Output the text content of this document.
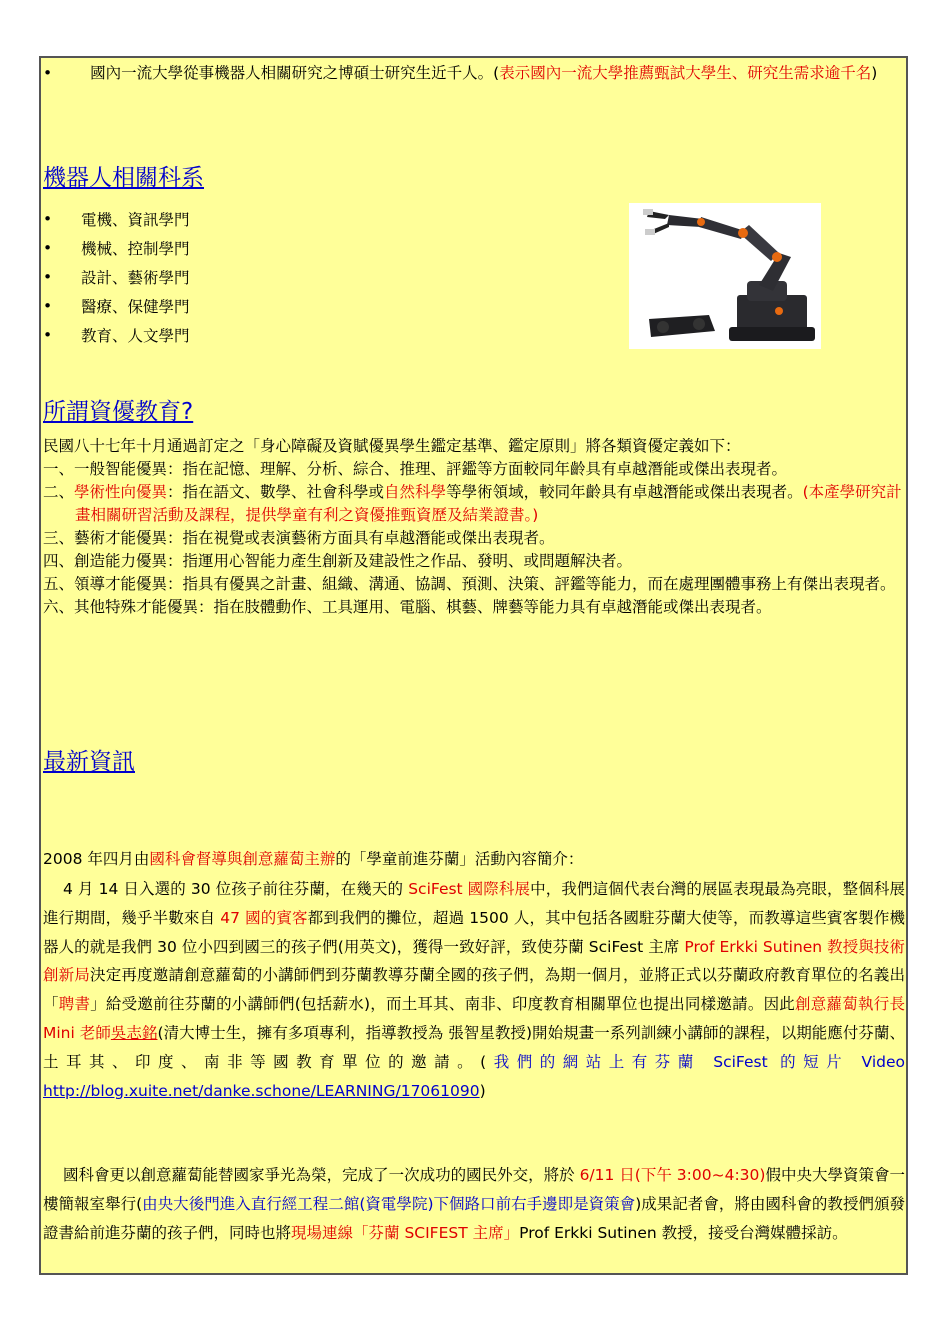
• 國內一流大學從事機器人相關研究之博碩士研究生近千人。(表示國內一流大學推薦甄試大學生、研究生需求逾千名)
機器人相關科系
•	電機、資訊學門
•	機械、控制學門
•	設計、藝術學門
•	醫療、保健學門
•	教育、人文學門
所謂資優教育?
民國八十七年十月通過訂定之「身心障礙及資賦優異學生鑑定基準、鑑定原則」將各類資優定義如下：
一、一般智能優異：指在記憶、理解、分析、綜合、推理、評鑑等方面較同年齡具有卓越潛能或傑出表現者。
二、學術性向優異：指在語文、數學、社會科學或自然科學等學術領域，較同年齡具有卓越潛能或傑出表現者。(本產學研究計畫相關研習活動及課程，提供學童有利之資優推甄資歷及結業證書。)
三、藝術才能優異：指在視覺或表演藝術方面具有卓越潛能或傑出表現者。
四、創造能力優異：指運用心智能力產生創新及建設性之作品、發明、或問題解決者。
五、領導才能優異：指具有優異之計畫、組織、溝通、協調、預測、決策、評鑑等能力，而在處理團體事務上有傑出表現者。
六、其他特殊才能優異：指在肢體動作、工具運用、電腦、棋藝、牌藝等能力具有卓越潛能或傑出表現者。
最新資訊
2008 年四月由國科會督導與創意蘿蔔主辦的「學童前進芬蘭」活動內容簡介：
4 月 14 日入選的 30 位孩子前往芬蘭，在幾天的 SciFest 國際科展中，我們這個代表台灣的展區表現最為亮眼，整個科展進行期間，幾乎半數來自 47 國的賓客都到我們的攤位，超過 1500 人，其中包括各國駐芬蘭大使等，而教導這些賓客製作機器人的就是我們 30 位小四到國三的孩子們(用英文)，獲得一致好評，致使芬蘭 SciFest 主席 Prof Erkki Sutinen 教授與技術創新局決定再度邀請創意蘿蔔的小講師們到芬蘭教導芬蘭全國的孩子們，為期一個月，並將正式以芬蘭政府教育單位的名義出「聘書」給受邀前往芬蘭的小講師們(包括薪水)，而土耳其、南非、印度教育相關單位也提出同樣邀請。因此創意蘿蔔執行長 Mini 老師吳志銘(清大博士生，擁有多項專利，指導教授為 張智星教授)開始規畫一系列訓練小講師的課程，以期能應付芬蘭、土耳其、印度、南非等國教育單位的邀請。(我們的網站上有芬蘭 SciFest 的短片 Video http://blog.xuite.net/danke.schone/LEARNING/17061090)
國科會更以創意蘿蔔能替國家爭光為榮，完成了一次成功的國民外交，將於 6/11 日(下午 3:00~4:30)假中央大學資策會一樓簡報室舉行(由央大後門進入直行經工程二館(資電學院)下個路口前右手邊即是資策會)成果記者會，將由國科會的教授們頒發證書給前進芬蘭的孩子們，同時也將現場連線「芬蘭 SCIFEST 主席」Prof Erkki Sutinen 教授，接受台灣媒體採訪。
